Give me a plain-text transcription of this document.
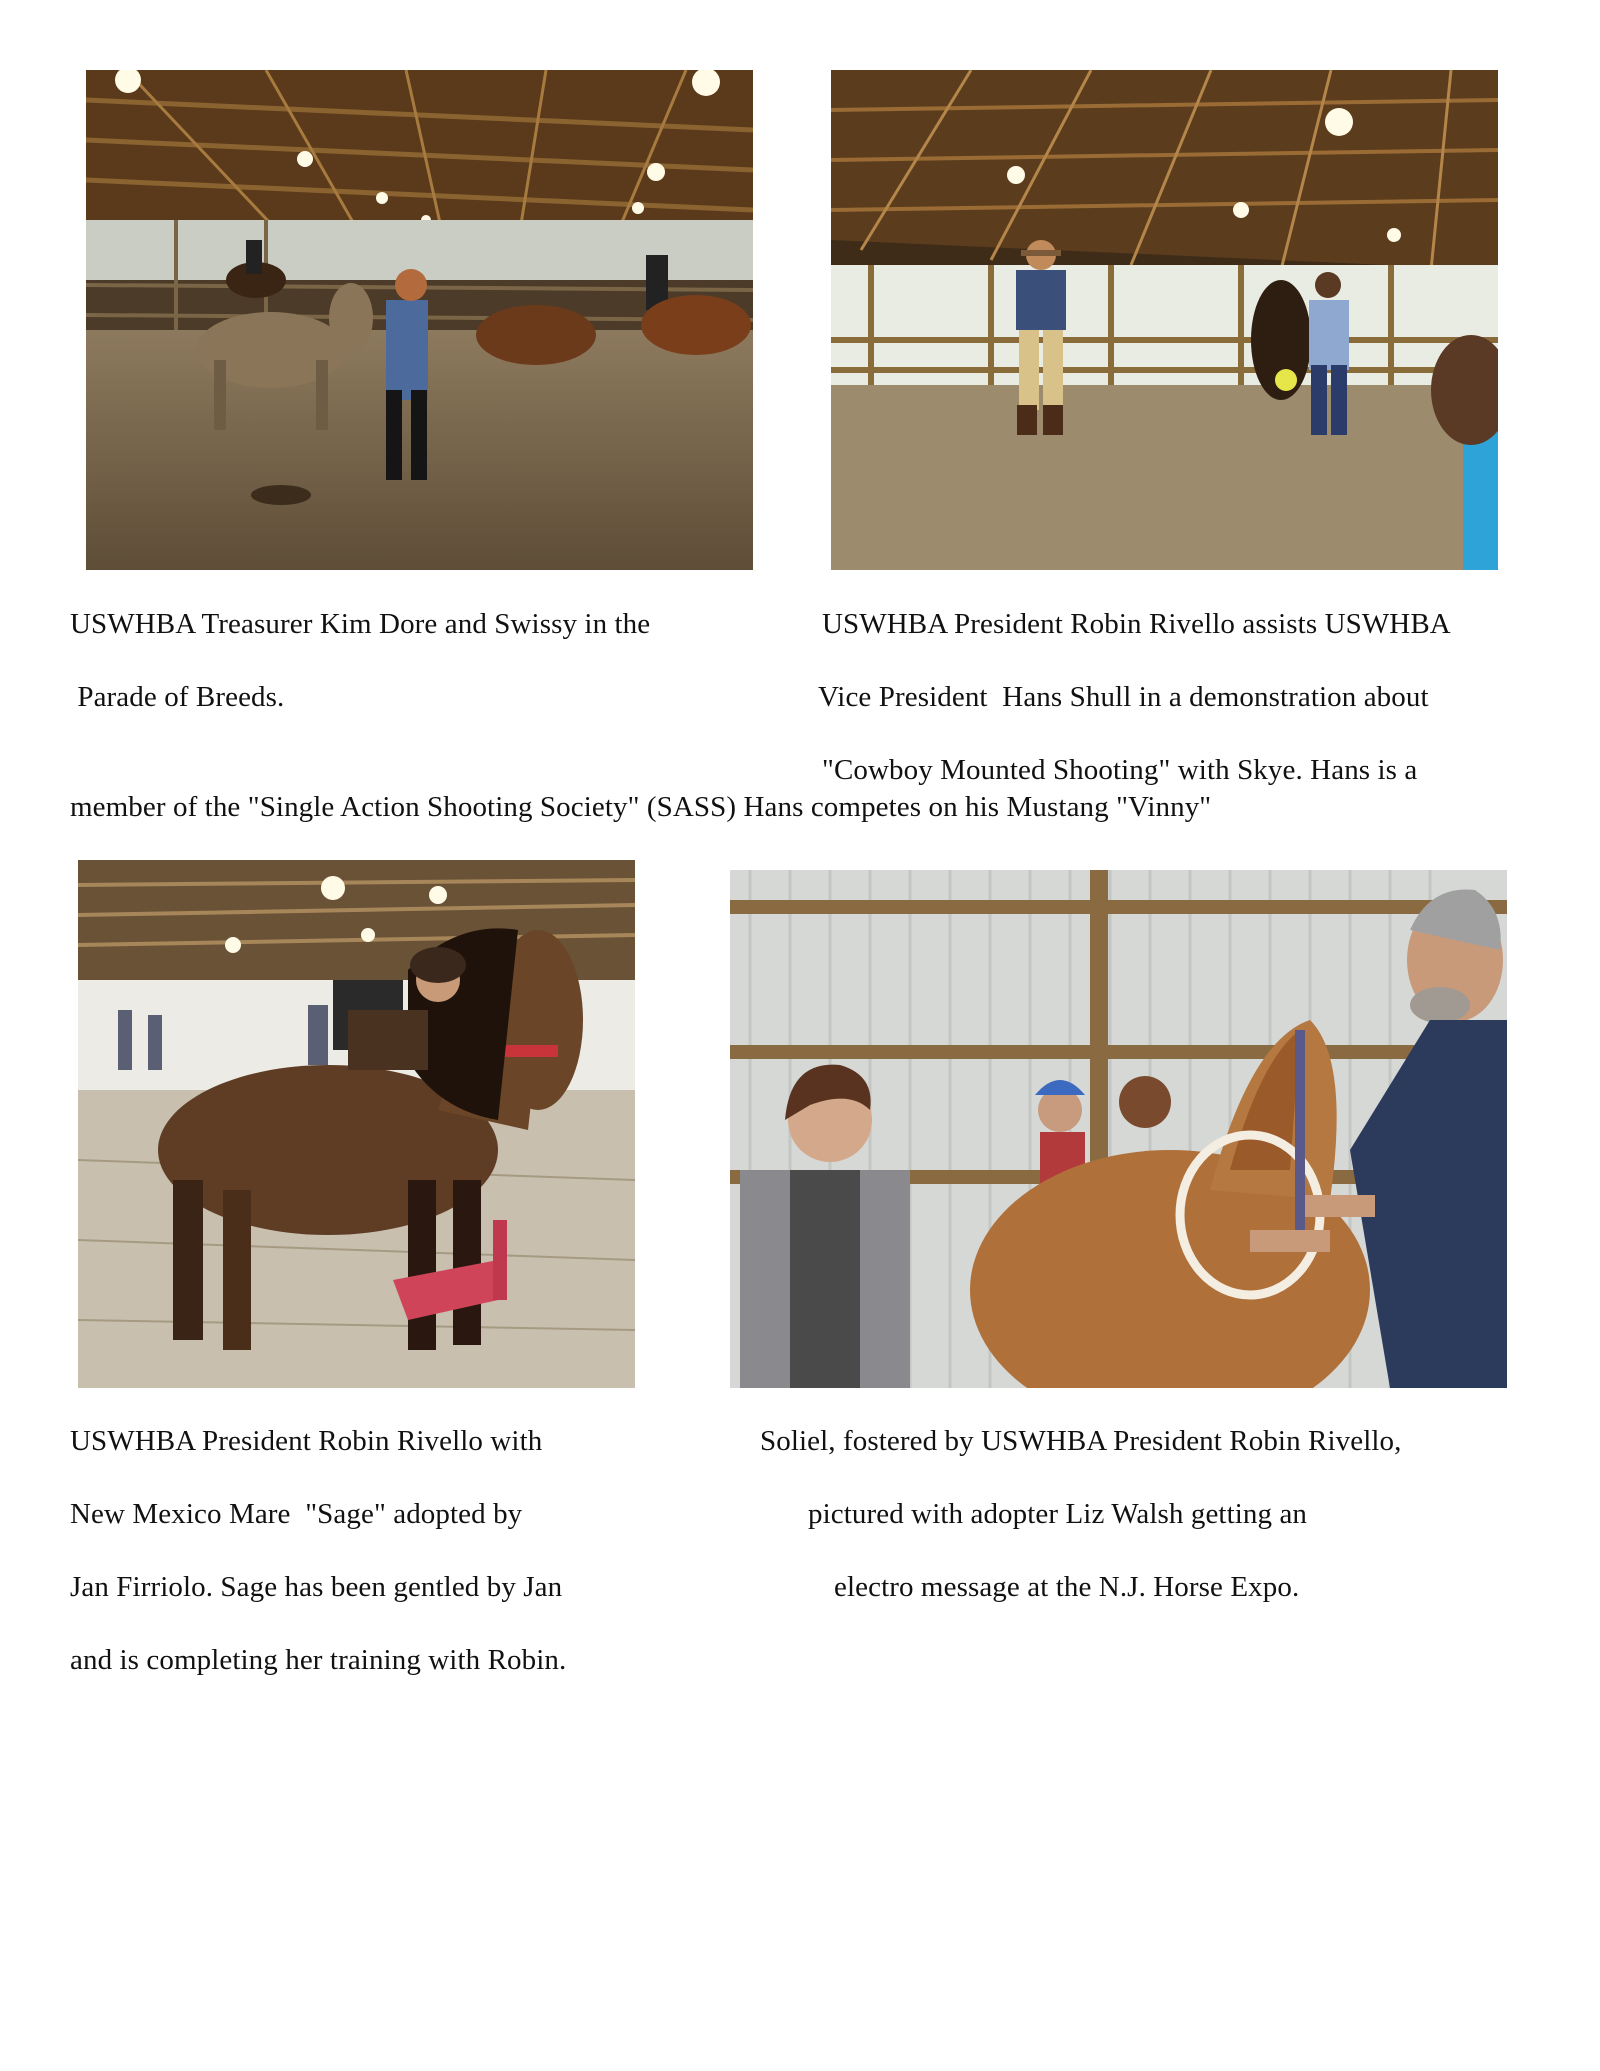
USWHBA Treasurer Kim Dore and Swissy in the
Parade of Breeds.
USWHBA President Robin Rivello assists USWHBA
Vice President  Hans Shull in a demonstration about
"Cowboy Mounted Shooting" with Skye. Hans is a
member of the "Single Action Shooting Society" (SASS) Hans competes on his Mustang "Vinny"
USWHBA President Robin Rivello with
New Mexico Mare  "Sage" adopted by
Jan Firriolo. Sage has been gentled by Jan
and is completing her training with Robin.
Soliel, fostered by USWHBA President Robin Rivello,
pictured with adopter Liz Walsh getting an
electro message at the N.J. Horse Expo.
